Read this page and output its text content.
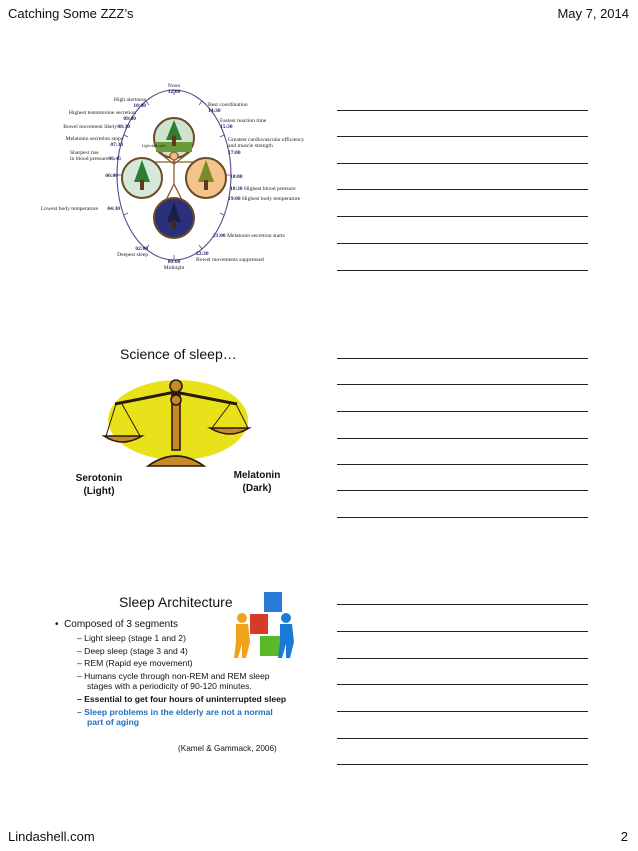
Catching Some ZZZ’s	May 7, 2014
Lindashell.com	2
Light-dark cycle
Noon
12:00
High alertness
10:00
Highest testosterone secretion
09:00
Bowel movement likely 08:30
Melatonin secretion stops
07:30
Sharpest rise
in blood pressure 06:45
06:00
Lowest body temperature 04:30
02:00
Deepest sleep
Best coordination
14:30
Fastest reaction time
15:30
Greatest cardiovascular efficiency
and muscle strength
17:00
18:00
18:30 Highest blood pressure
19:00 Highest body temperature
21:00 Melatonin secretion starts
22:30
Bowel movements suppressed
00:00
Midnight
Science of sleep…
Serotonin
(Light)
Melatonin
(Dark)
Sleep Architecture
•  Composed of 3 segments
– Light sleep (stage 1 and 2)
– Deep sleep (stage 3 and 4)
– REM (Rapid eye movement)
– Humans cycle through non-REM and REM sleep stages with a periodicity of 90-120 minutes.
– Essential to get four hours of uninterrupted sleep
– Sleep problems in the elderly are not a normal part of aging
(Kamel & Gammack, 2006)
